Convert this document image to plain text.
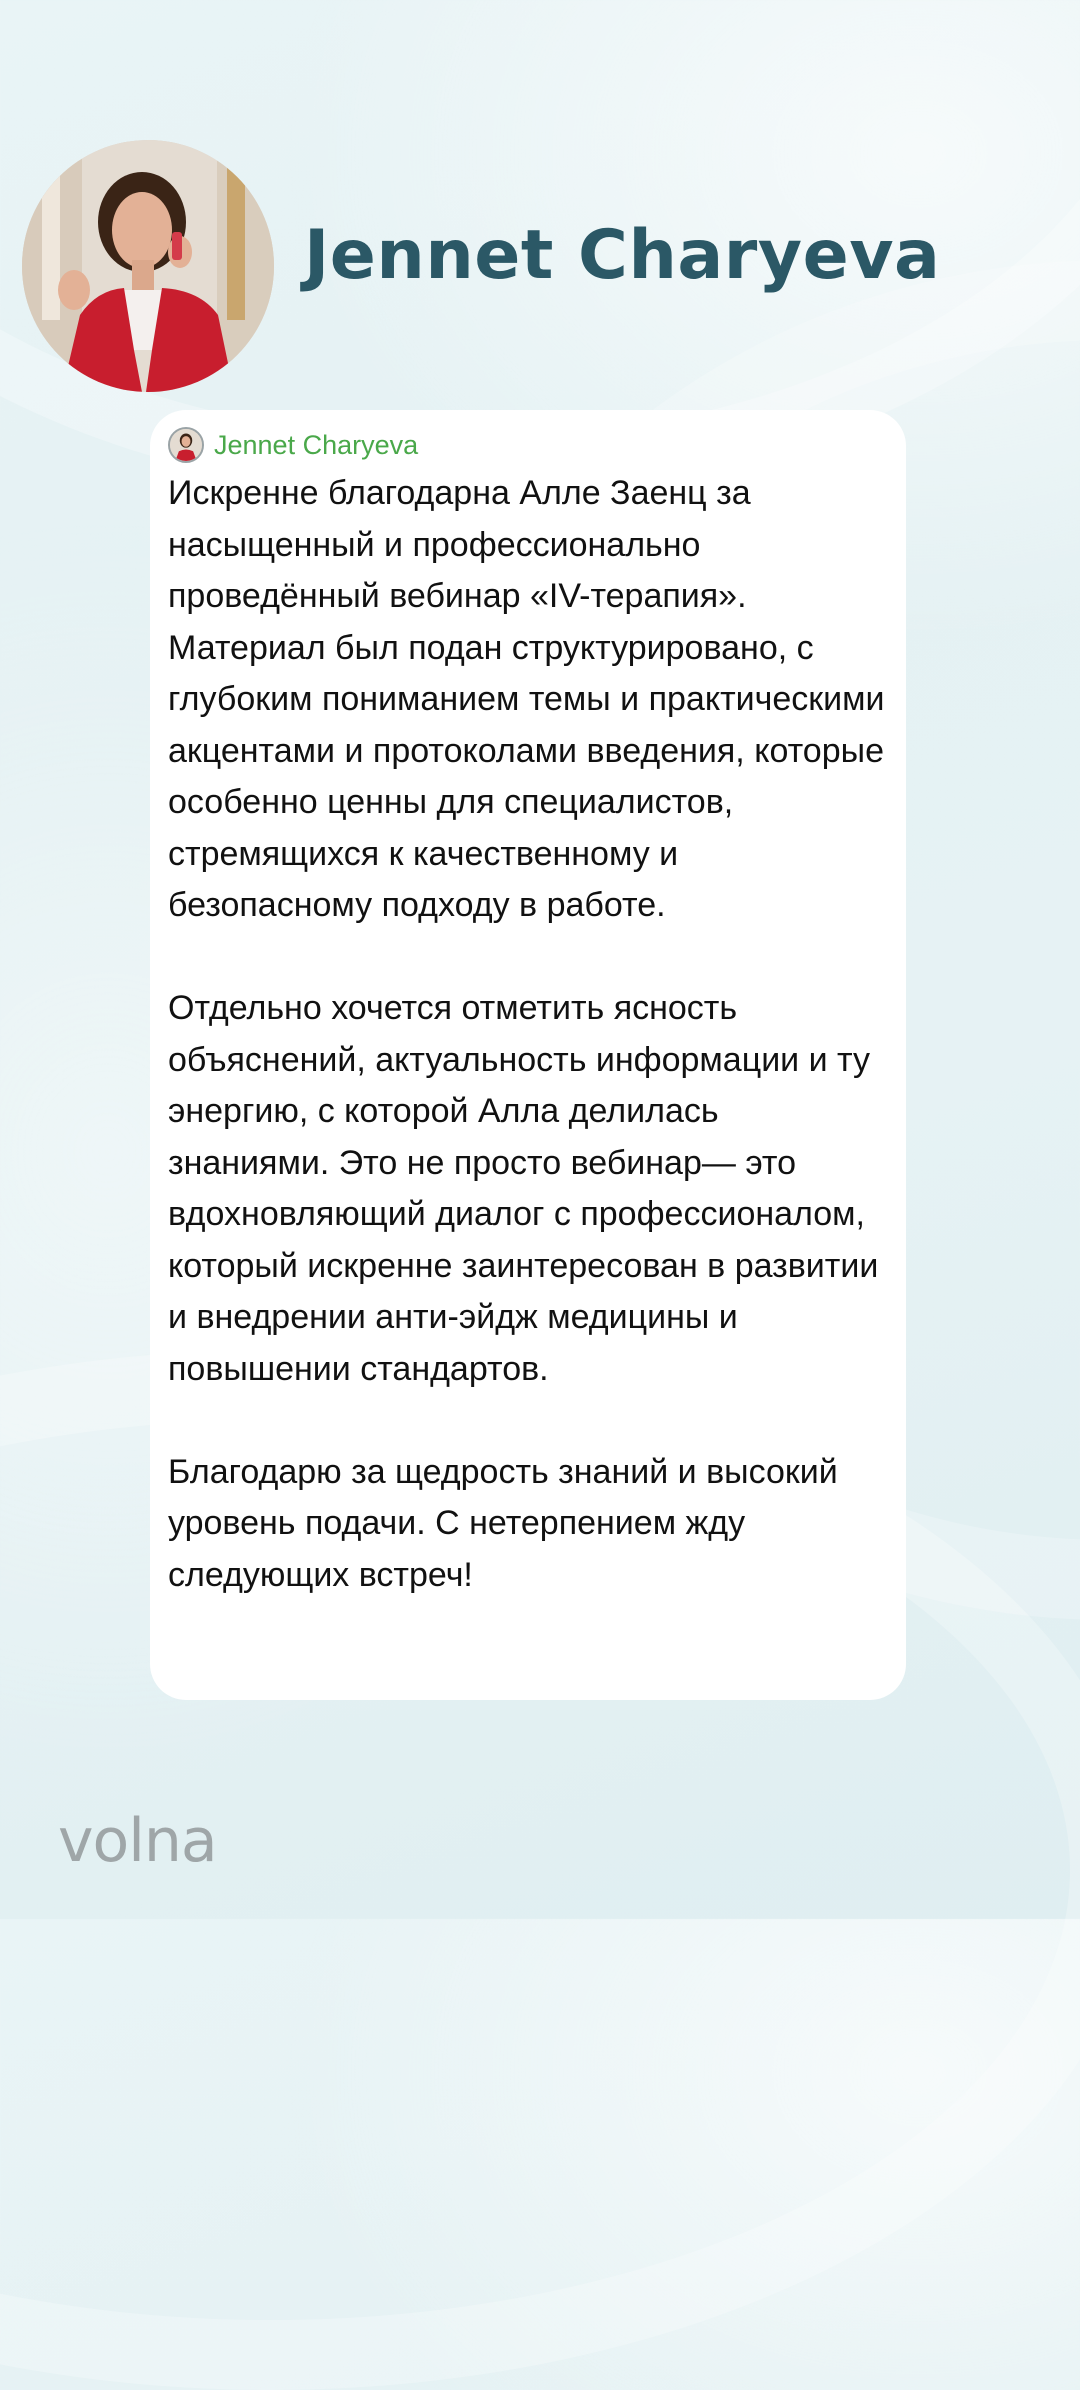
Jennet Charyeva
Jennet Charyeva

Искренне благодарна Алле Заенц за насыщенный и профессионально проведённый вебинар «IV-терапия». Материал был подан структурировано, с глубоким пониманием темы и практическими акцентами и протоколами введения, которые особенно ценны для специалистов, стремящихся к качественному и безопасному подходу в работе.

Отдельно хочется отметить ясность объяснений, актуальность информации и ту энергию, с которой Алла делилась знаниями. Это не просто вебинар— это вдохновляющий диалог с профессионалом, который искренне заинтересован в развитии и внедрении анти-эйдж медицины и повышении стандартов.

Благодарю за щедрость знаний и высокий уровень подачи. С нетерпением жду следующих встреч!

volna
